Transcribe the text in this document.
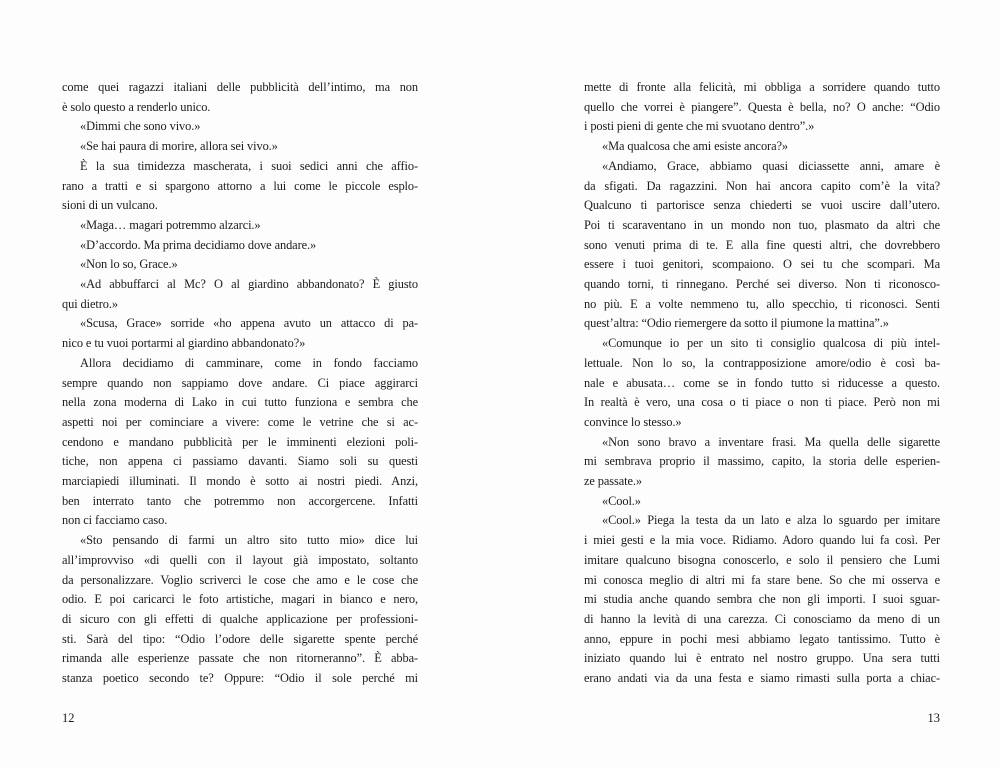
come quei ragazzi italiani delle pubblicità dell’intimo, ma non
è solo questo a renderlo unico.
«Dimmi che sono vivo.»
«Se hai paura di morire, allora sei vivo.»
È la sua timidezza mascherata, i suoi sedici anni che affio-
rano a tratti e si spargono attorno a lui come le piccole esplo-
sioni di un vulcano.
«Maga… magari potremmo alzarci.»
«D’accordo. Ma prima decidiamo dove andare.»
«Non lo so, Grace.»
«Ad abbuffarci al Mc? O al giardino abbandonato? È giusto
qui dietro.»
«Scusa, Grace» sorride «ho appena avuto un attacco di pa-
nico e tu vuoi portarmi al giardino abbandonato?»
Allora decidiamo di camminare, come in fondo facciamo
sempre quando non sappiamo dove andare. Ci piace aggirarci
nella zona moderna di Lako in cui tutto funziona e sembra che
aspetti noi per cominciare a vivere: come le vetrine che si ac-
cendono e mandano pubblicità per le imminenti elezioni poli-
tiche, non appena ci passiamo davanti. Siamo soli su questi
marciapiedi illuminati. Il mondo è sotto ai nostri piedi. Anzi,
ben interrato tanto che potremmo non accorgercene. Infatti
non ci facciamo caso.
«Sto pensando di farmi un altro sito tutto mio» dice lui
all’improvviso «di quelli con il layout già impostato, soltanto
da personalizzare. Voglio scriverci le cose che amo e le cose che
odio. E poi caricarci le foto artistiche, magari in bianco e nero,
di sicuro con gli effetti di qualche applicazione per professioni-
sti. Sarà del tipo: “Odio l’odore delle sigarette spente perché
rimanda alle esperienze passate che non ritorneranno”. È abba-
stanza poetico secondo te? Oppure: “Odio il sole perché mi
12
mette di fronte alla felicità, mi obbliga a sorridere quando tutto
quello che vorrei è piangere”. Questa è bella, no? O anche: “Odio
i posti pieni di gente che mi svuotano dentro”.»
«Ma qualcosa che ami esiste ancora?»
«Andiamo, Grace, abbiamo quasi diciassette anni, amare è
da sfigati. Da ragazzini. Non hai ancora capito com’è la vita?
Qualcuno ti partorisce senza chiederti se vuoi uscire dall’utero.
Poi ti scaraventano in un mondo non tuo, plasmato da altri che
sono venuti prima di te. E alla fine questi altri, che dovrebbero
essere i tuoi genitori, scompaiono. O sei tu che scompari. Ma
quando torni, ti rinnegano. Perché sei diverso. Non ti riconosco-
no più. E a volte nemmeno tu, allo specchio, ti riconosci. Senti
quest’altra: “Odio riemergere da sotto il piumone la mattina”.»
«Comunque io per un sito ti consiglio qualcosa di più intel-
lettuale. Non lo so, la contrapposizione amore/odio è così ba-
nale e abusata… come se in fondo tutto si riducesse a questo.
In realtà è vero, una cosa o ti piace o non ti piace. Però non mi
convince lo stesso.»
«Non sono bravo a inventare frasi. Ma quella delle sigarette
mi sembrava proprio il massimo, capito, la storia delle esperien-
ze passate.»
«Cool.»
«Cool.» Piega la testa da un lato e alza lo sguardo per imitare
i miei gesti e la mia voce. Ridiamo. Adoro quando lui fa così. Per
imitare qualcuno bisogna conoscerlo, e solo il pensiero che Lumi
mi conosca meglio di altri mi fa stare bene. So che mi osserva e
mi studia anche quando sembra che non gli importi. I suoi sguar-
di hanno la levità di una carezza. Ci conosciamo da meno di un
anno, eppure in pochi mesi abbiamo legato tantissimo. Tutto è
iniziato quando lui è entrato nel nostro gruppo. Una sera tutti
erano andati via da una festa e siamo rimasti sulla porta a chiac-
13
